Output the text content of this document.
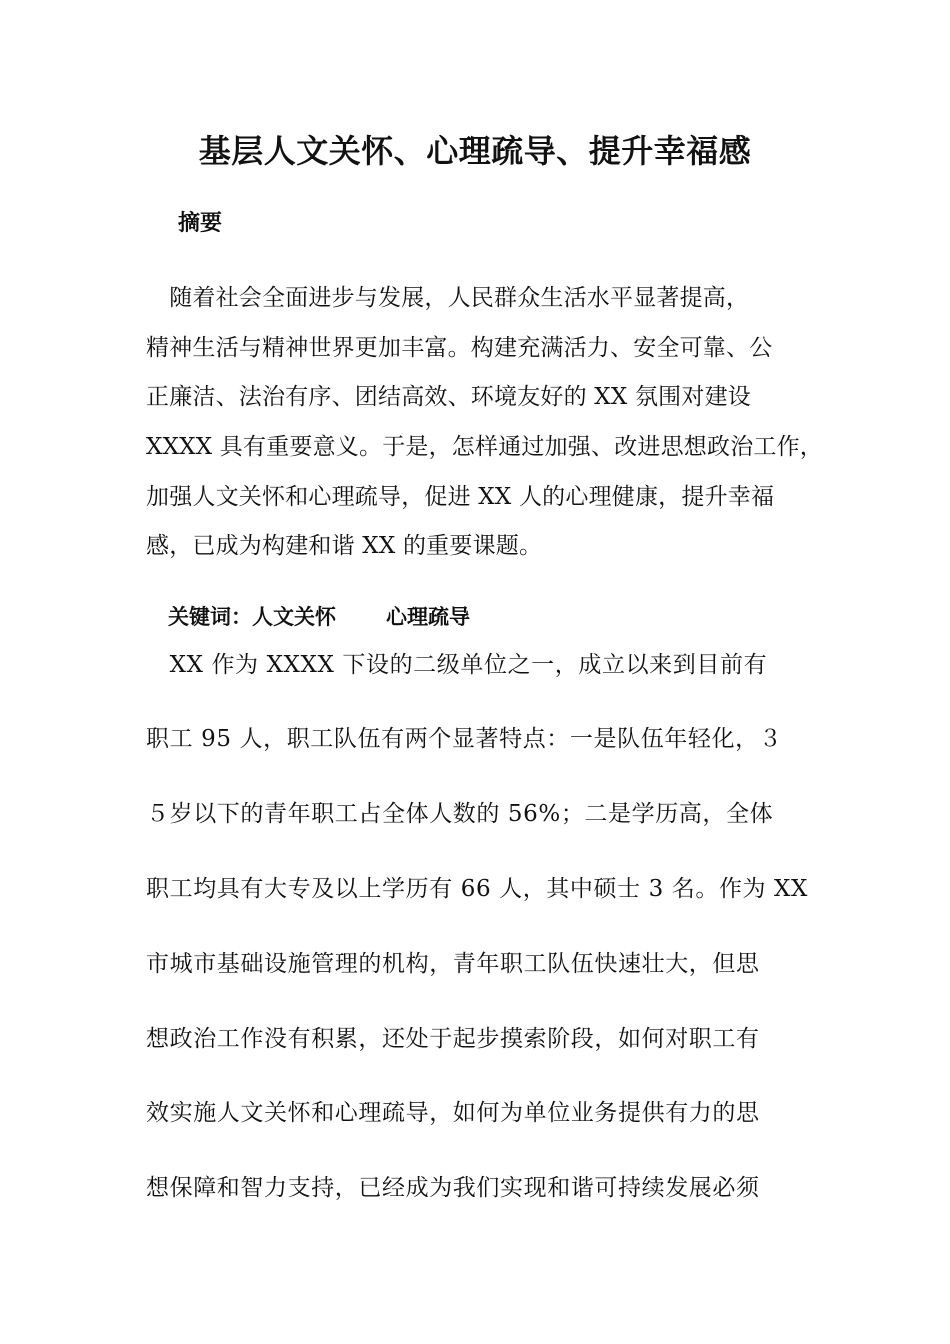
基层人文关怀、心理疏导、提升幸福感
摘要
　随着社会全面进步与发展，人民群众生活水平显著提高，
精神生活与精神世界更加丰富。构建充满活力、安全可靠、公
正廉洁、法治有序、团结高效、环境友好的 XX 氛围对建设
XXXX 具有重要意义。于是，怎样通过加强、改进思想政治工作，
加强人文关怀和心理疏导，促进 XX 人的心理健康，提升幸福
感，已成为构建和谐 XX 的重要课题。
关键词：人文关怀 心理疏导
　XX 作为 XXXX 下设的二级单位之一，成立以来到目前有
职工 95 人，职工队伍有两个显著特点：一是队伍年轻化，３
５岁以下的青年职工占全体人数的 56%；二是学历高，全体
职工均具有大专及以上学历有 66 人，其中硕士 3 名。作为 XX
市城市基础设施管理的机构，青年职工队伍快速壮大，但思
想政治工作没有积累，还处于起步摸索阶段，如何对职工有
效实施人文关怀和心理疏导，如何为单位业务提供有力的思
想保障和智力支持，已经成为我们实现和谐可持续发展必须
